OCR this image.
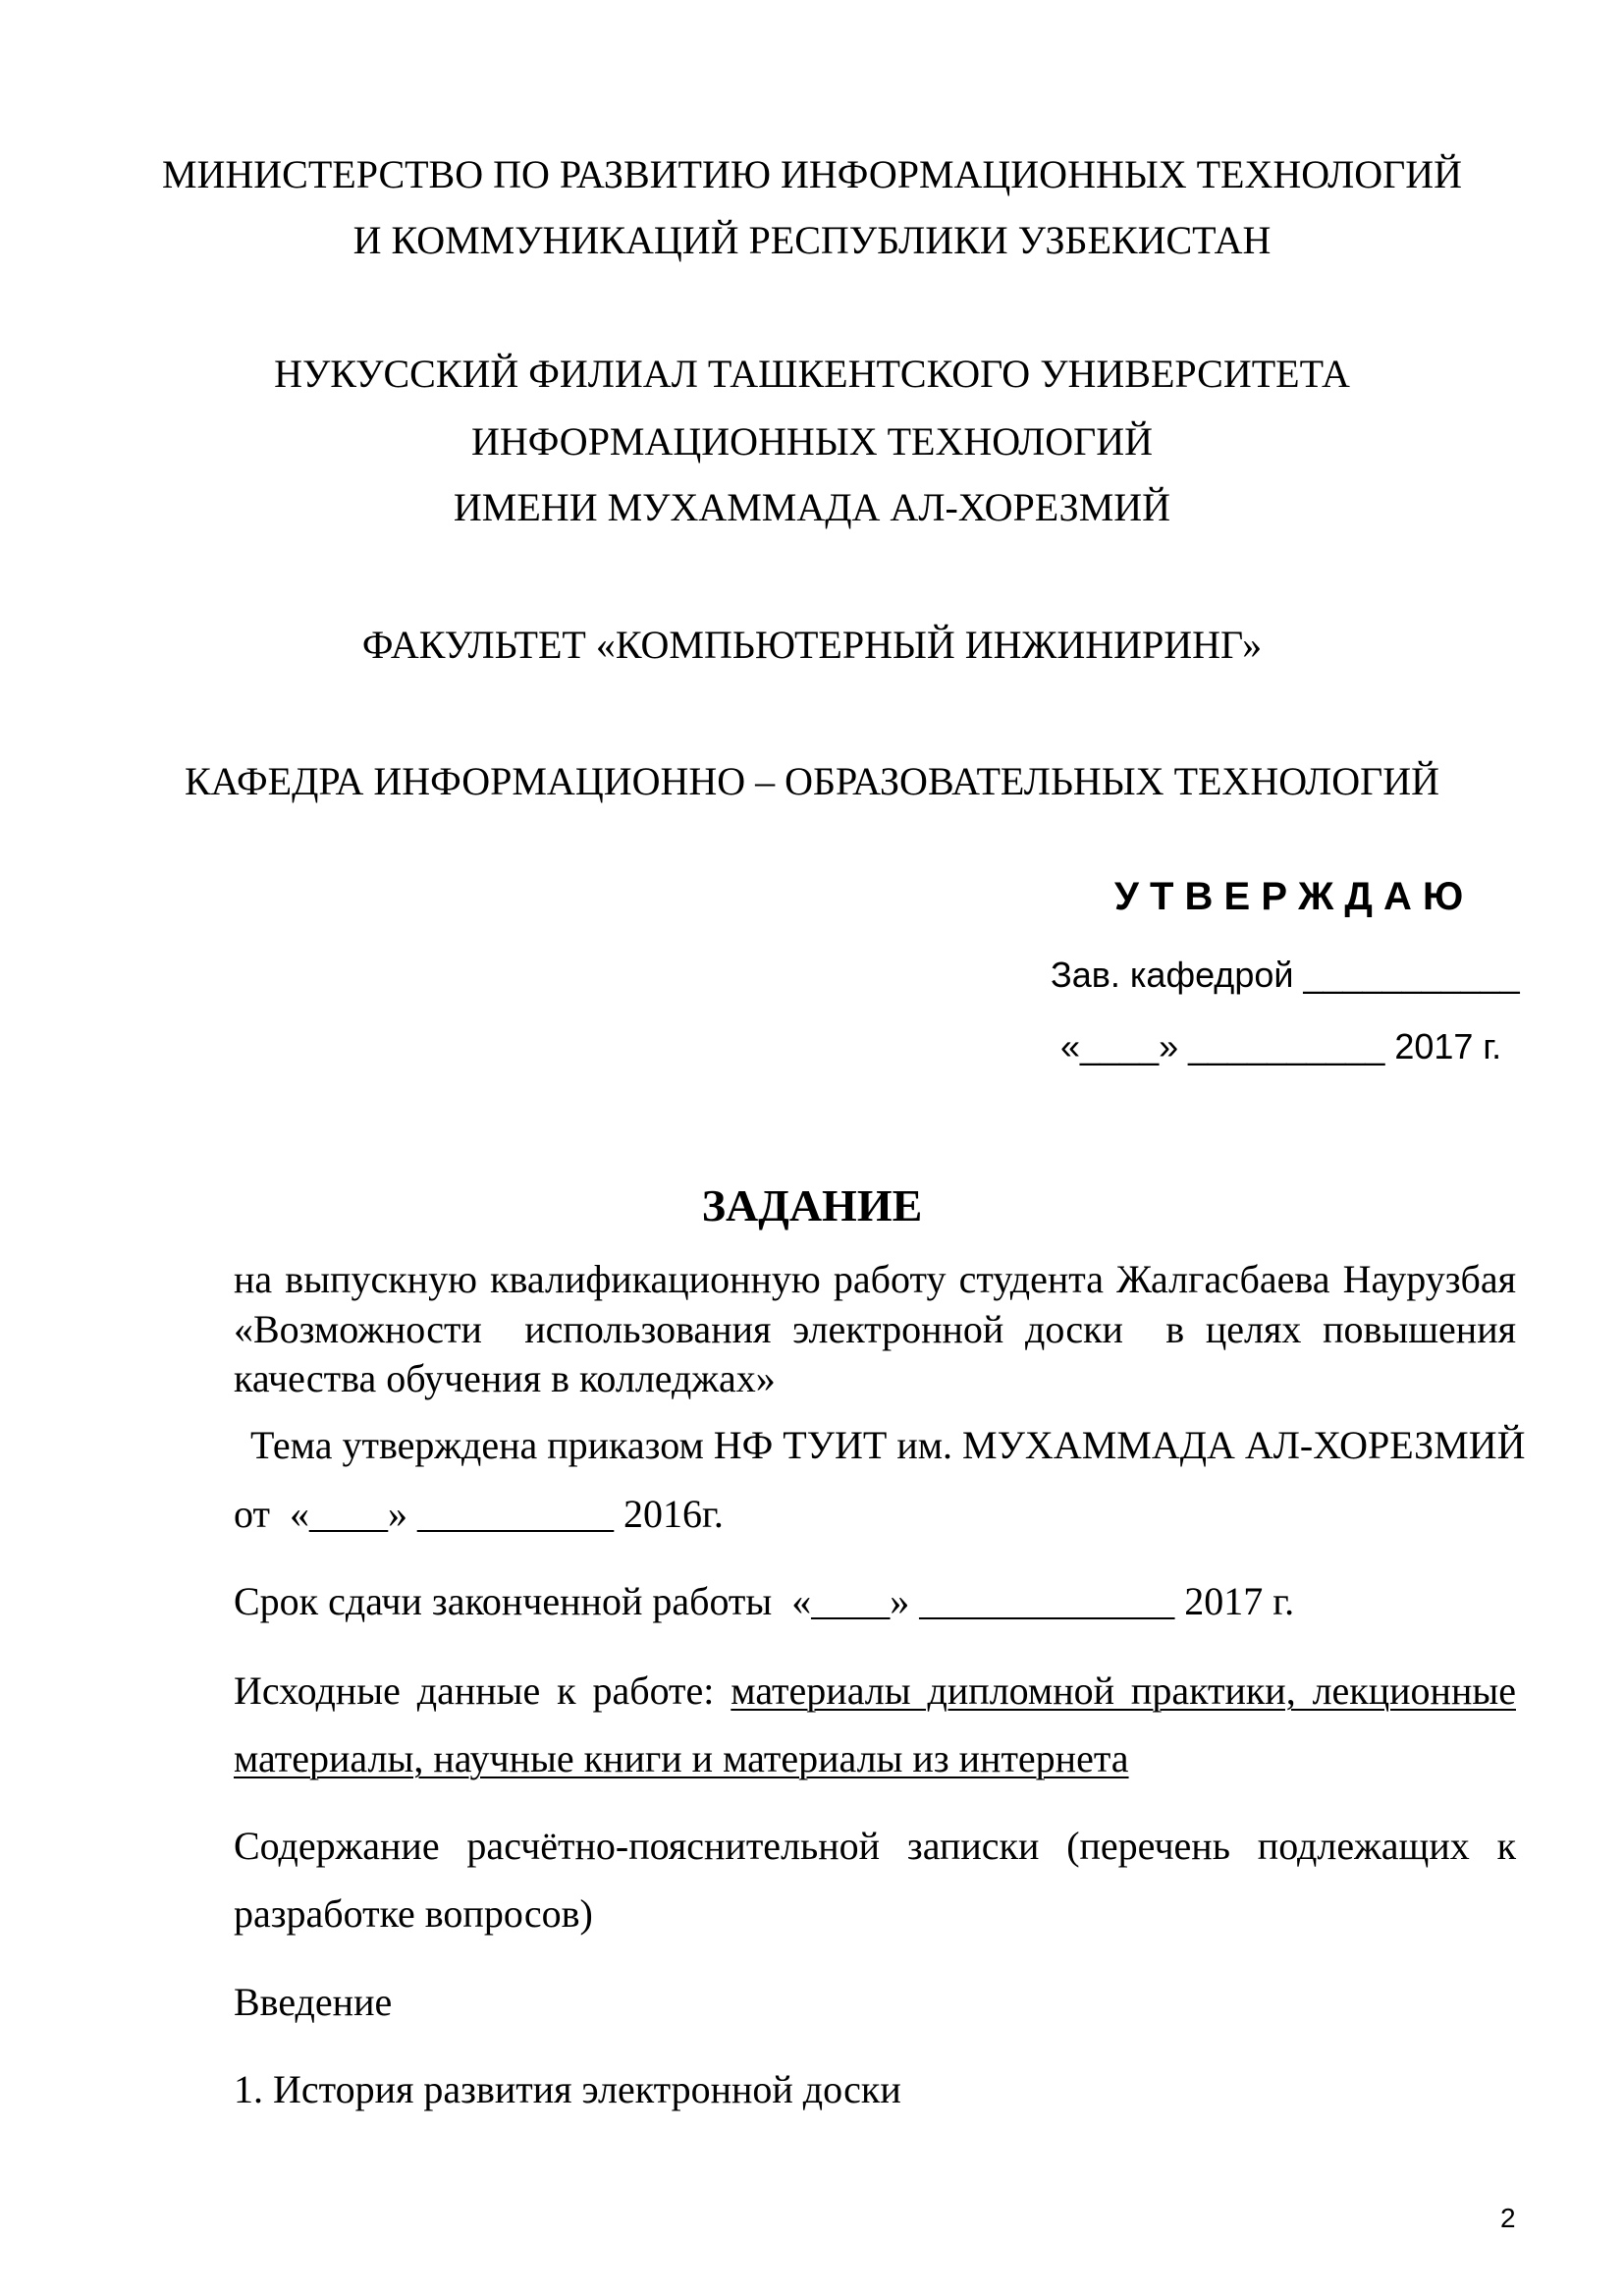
МИНИСТЕРСТВО ПО РАЗВИТИЮ ИНФОРМАЦИОННЫХ ТЕХНОЛОГИЙ
И КОММУНИКАЦИЙ РЕСПУБЛИКИ УЗБЕКИСТАН
НУКУССКИЙ ФИЛИАЛ ТАШКЕНТСКОГО УНИВЕРСИТЕТА
ИНФОРМАЦИОННЫХ ТЕХНОЛОГИЙ
ИМЕНИ МУХАММАДА АЛ-ХОРЕЗМИЙ
ФАКУЛЬТЕТ «КОМПЬЮТЕРНЫЙ ИНЖИНИРИНГ»
КАФЕДРА ИНФОРМАЦИОННО – ОБРАЗОВАТЕЛЬНЫХ ТЕХНОЛОГИЙ
У Т В Е Р Ж Д А Ю
Зав. кафедрой ___________
«____» __________ 2017 г.
ЗАДАНИЕ
на выпускную квалификационную работу студента Жалгасбаева Наурузбая
«Возможности  использования электронной доски  в целях повышения
качества обучения в колледжах»
Тема утверждена приказом НФ ТУИТ им. МУХАММАДА АЛ-ХОРЕЗМИЙ
от  «____» __________ 2016г.
Срок сдачи законченной работы  «____» _____________ 2017 г.
Исходные данные к работе: материалы дипломной практики, лекционные
материалы, научные книги и материалы из интернета
Содержание расчётно-пояснительной записки (перечень подлежащих к
разработке вопросов)
Введение
1. История развития электронной доски
2
